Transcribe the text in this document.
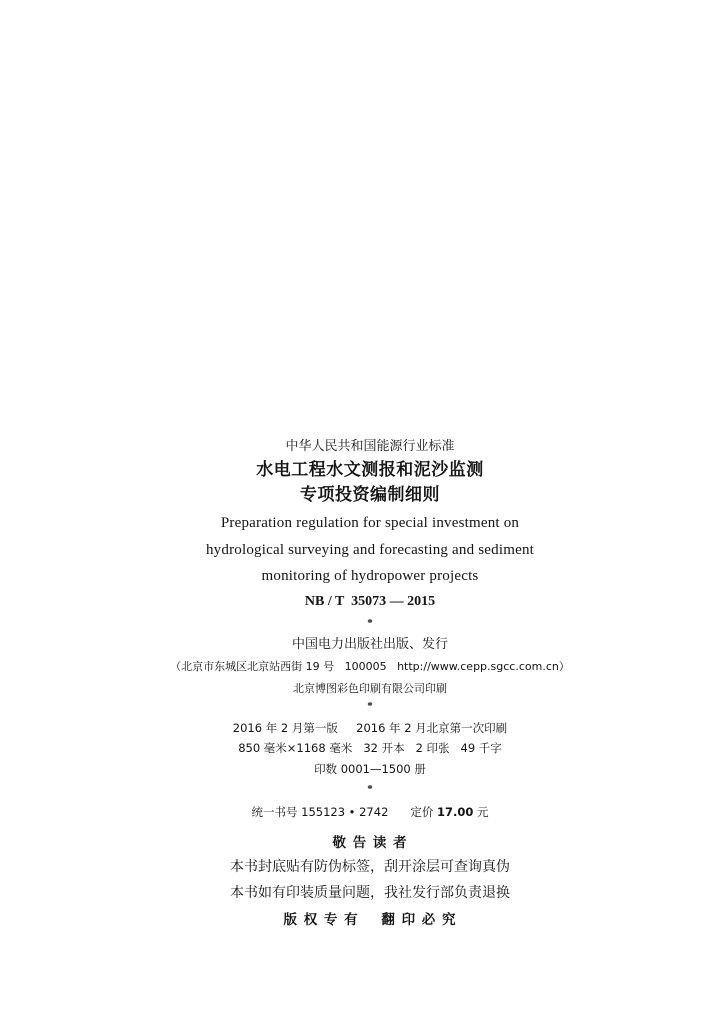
中华人民共和国能源行业标准
水电工程水文测报和泥沙监测
专项投资编制细则
Preparation regulation for special investment on
hydrological surveying and forecasting and sediment
monitoring of hydropower projects
NB / T  35073 — 2015
*
中国电力出版社出版、发行
（北京市东城区北京站西街 19 号   100005   http://www.cepp.sgcc.com.cn）
北京博图彩色印刷有限公司印刷
*
2016 年 2 月第一版     2016 年 2 月北京第一次印刷
850 毫米×1168 毫米   32 开本   2 印张   49 千字
印数 0001—1500 册
*
统一书号 155123 • 2742 定价 17.00 元
敬 告 读 者
本书封底贴有防伪标签，刮开涂层可查询真伪
本书如有印装质量问题，我社发行部负责退换
版 权 专 有    翻 印 必 究
